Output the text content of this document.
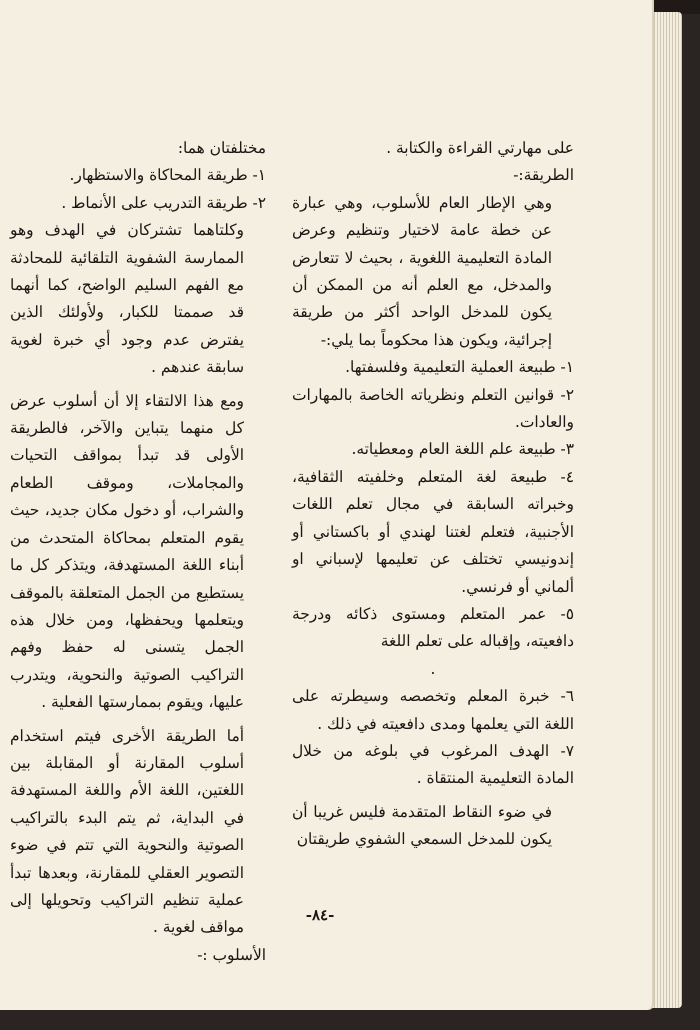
على مهارتي القراءة والكتابة .

الطريقة:-

وهي الإطار العام للأسلوب، وهي عبارة عن خطة عامة لاختيار وتنظيم وعرض المادة التعليمية اللغوية ، بحيث لا تتعارض والمدخل، مع العلم أنه من الممكن أن يكون للمدخل الواحد أكثر من طريقة إجرائية، ويكون هذا محكوماً بما يلي:-

١- طبيعة العملية التعليمية وفلسفتها.

٢- قوانين التعلم ونظرياته الخاصة بالمهارات والعادات.

٣- طبيعة علم اللغة العام ومعطياته.

٤- طبيعة لغة المتعلم وخلفيته الثقافية، وخبراته السابقة في مجال تعلم اللغات الأجنبية، فتعلم لغتنا لهندي أو باكستاني أو إندونيسي تختلف عن تعليمها لإسباني او ألماني أو فرنسي.

٥- عمر المتعلم ومستوى ذكائه ودرجة دافعيته، وإقباله على تعلم اللغة

.

٦- خبرة المعلم وتخصصه وسيطرته على اللغة التي يعلمها ومدى دافعيته في ذلك .

٧- الهدف المرغوب في بلوغه من خلال المادة التعليمية المنتقاة .

في ضوء النقاط المتقدمة فليس غريبا أن يكون للمدخل السمعي الشفوي طريقتان

مختلفتان هما:

١- طريقة المحاكاة والاستظهار.

٢- طريقة التدريب على الأنماط .

وكلتاهما تشتركان في الهدف وهو الممارسة الشفوية التلقائية للمحادثة مع الفهم السليم الواضح، كما أنهما قد صممتا للكبار، ولأولئك الذين يفترض عدم وجود أي خبرة لغوية سابقة عندهم .

ومع هذا الالتقاء إلا أن أسلوب عرض كل منهما يتباين والآخر، فالطريقة الأولى قد تبدأ بمواقف التحيات والمجاملات، وموقف الطعام والشراب، أو دخول مكان جديد، حيث يقوم المتعلم بمحاكاة المتحدث من أبناء اللغة المستهدفة، ويتذكر كل ما يستطيع من الجمل المتعلقة بالموقف ويتعلمها ويحفظها، ومن خلال هذه الجمل يتسنى له حفظ وفهم التراكيب الصوتية والنحوية، ويتدرب عليها، ويقوم بممارستها الفعلية .

أما الطريقة الأخرى فيتم استخدام أسلوب المقارنة أو المقابلة بين اللغتين، اللغة الأم واللغة المستهدفة في البداية، ثم يتم البدء بالتراكيب الصوتية والنحوية التي تتم في ضوء التصوير العقلي للمقارنة، وبعدها تبدأ عملية تنظيم التراكيب وتحويلها إلى مواقف لغوية .

الأسلوب :-

-٨٤-
